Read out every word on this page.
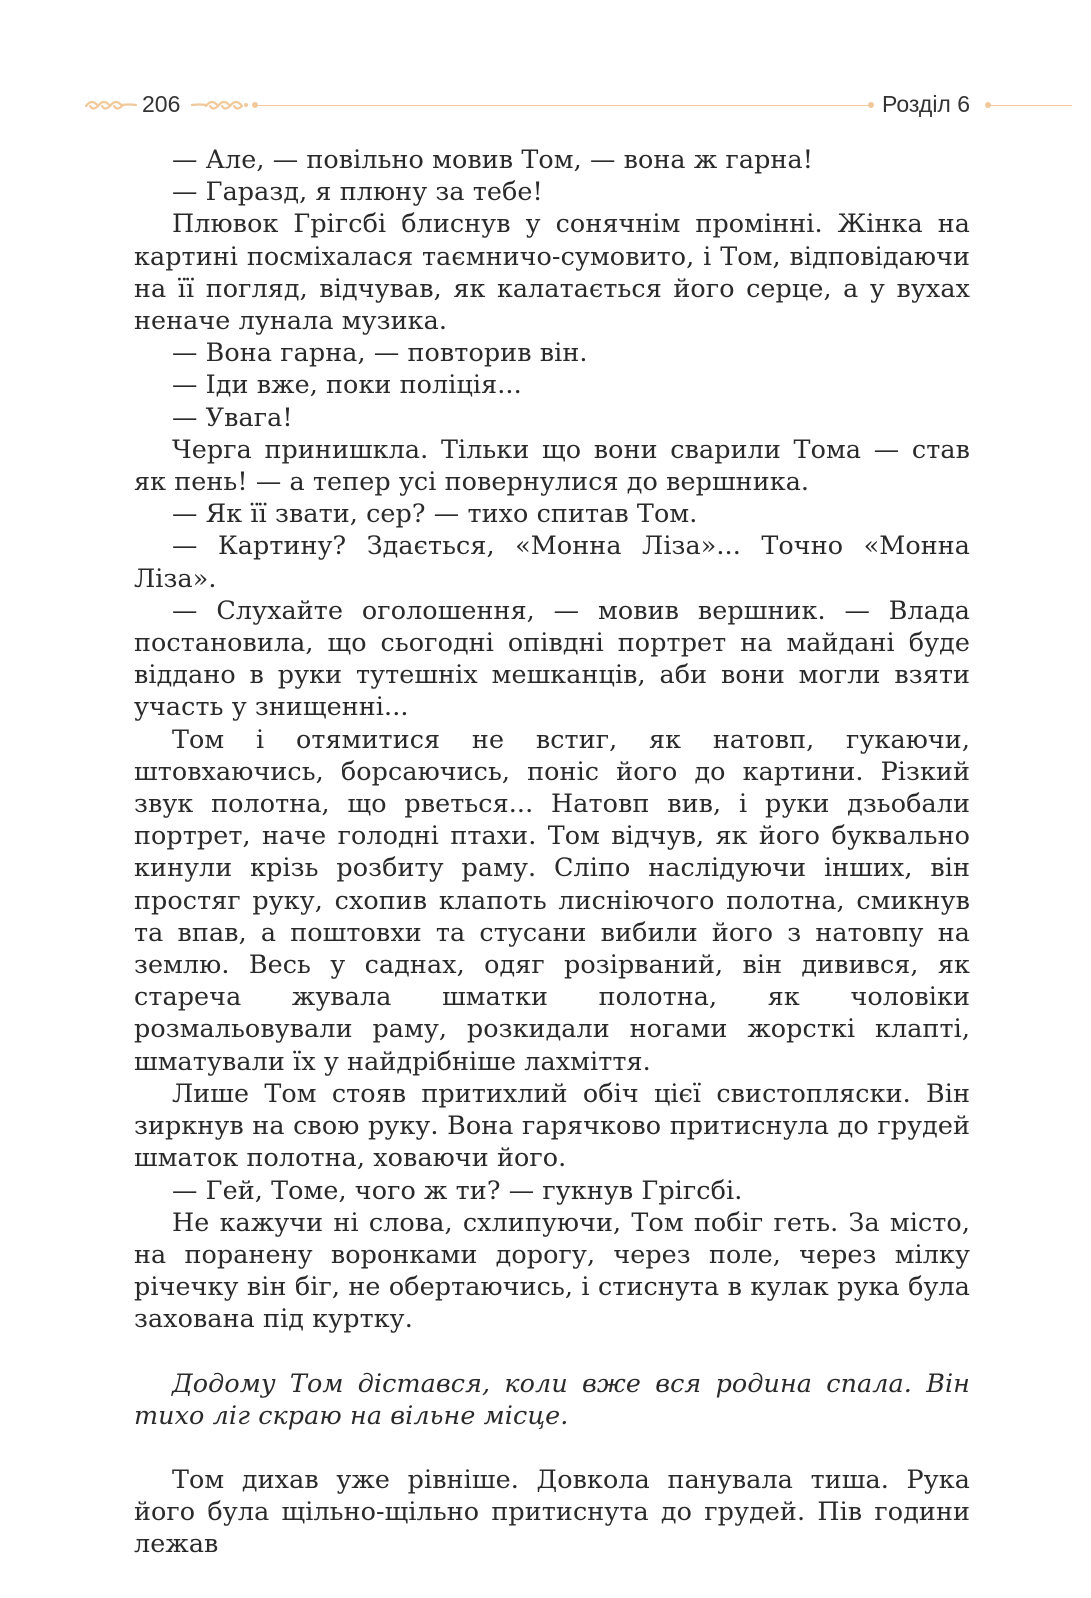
206	Розділ 6

— Але, — повільно мовив Том, — вона ж гарна!

— Гаразд, я плюну за тебе!

Плювок Грігсбі блиснув у сонячнім промінні. Жінка на картині посміхалася таємничо-сумовито, і Том, відповідаючи на її погляд, відчував, як калатається його серце, а у вухах неначе лунала музика.

— Вона гарна, — повторив він.

— Іди вже, поки поліція...

— Увага!

Черга принишкла. Тільки що вони сварили Тома — став як пень! — а тепер усі повернулися до вершника.

— Як її звати, сер? — тихо спитав Том.

— Картину? Здається, «Монна Ліза»... Точно «Монна Ліза».

— Слухайте оголошення, — мовив вершник. — Влада постановила, що сьогодні опівдні портрет на майдані буде віддано в руки тутешніх мешканців, аби вони могли взяти участь у знищенні...

Том і отямитися не встиг, як натовп, гукаючи, штовхаючись, борсаючись, поніс його до картини. Різкий звук полотна, що рветься... Натовп вив, і руки дзьобали портрет, наче голодні птахи. Том відчув, як його буквально кинули крізь розбиту раму. Сліпо наслідуючи інших, він простяг руку, схопив клапоть лиснiючого полотна, смикнув та впав, а поштовхи та стусани вибили його з натовпу на землю. Весь у саднах, одяг розірваний, він дивився, як стареча жувала шматки полотна, як чоловіки розмальовували раму, розкидали ногами жорсткі клапті, шматували їх у найдрібніше лахміття.

Лише Том стояв притихлий обіч цієї свистопляски. Він зиркнув на свою руку. Вона гарячково притиснула до грудей шматок полотна, ховаючи його.

— Гей, Томе, чого ж ти? — гукнув Грігсбі.

Не кажучи ні слова, схлипуючи, Том побіг геть. За місто, на поранену воронками дорогу, через поле, через мілку річечку він біг, не обертаючись, і стиснута в кулак рука була захована під куртку.

Додому Том дістався, коли вже вся родина спала. Він тихо ліг скраю на вільне місце.

Том дихав уже рівніше. Довкола панувала тиша. Рука його була щільно-щільно притиснута до грудей. Пів години лежав
